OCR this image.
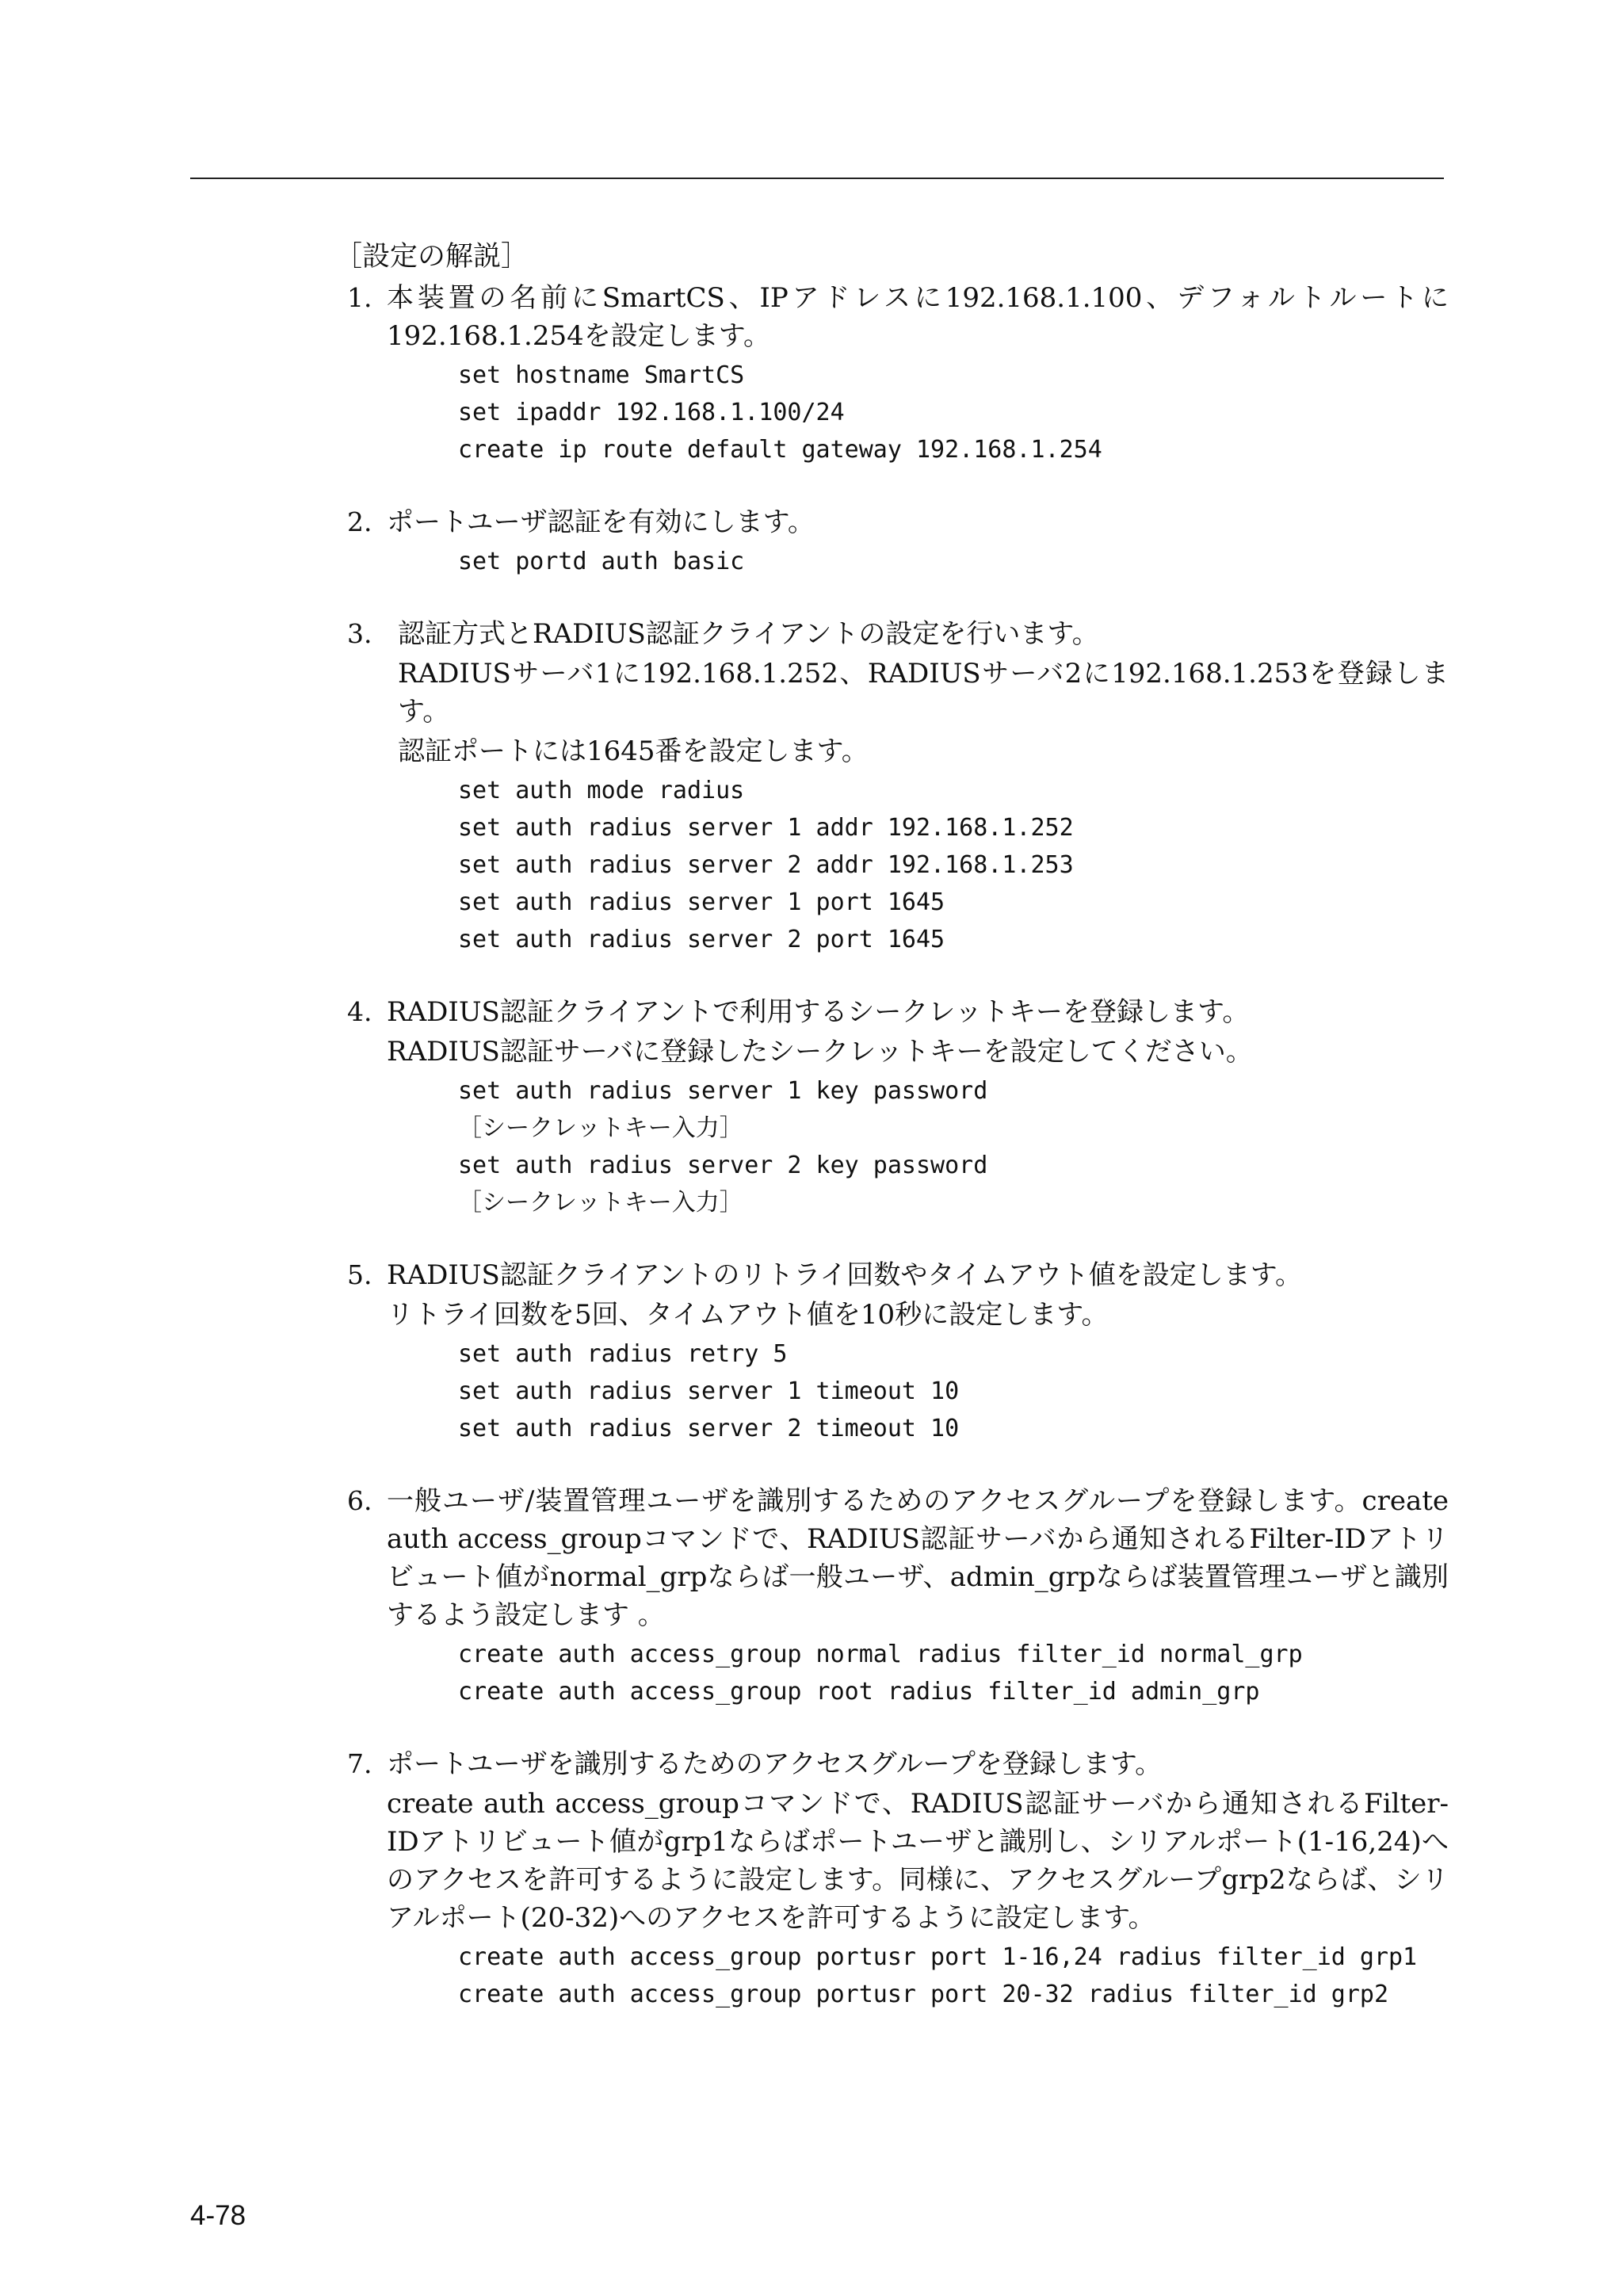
［設定の解説］
1. 本装置の名前にSmartCS、IPアドレスに192.168.1.100、デフォルトルートに192.168.1.254を設定します。
set hostname SmartCS
set ipaddr 192.168.1.100/24
create ip route default gateway 192.168.1.254
2. ポートユーザ認証を有効にします。
set portd auth basic
3. 認証方式とRADIUS認証クライアントの設定を行います。
RADIUSサーバ1に192.168.1.252、RADIUSサーバ2に192.168.1.253を登録します。
認証ポートには1645番を設定します。
set auth mode radius
set auth radius server 1 addr 192.168.1.252
set auth radius server 2 addr 192.168.1.253
set auth radius server 1 port 1645
set auth radius server 2 port 1645
4. RADIUS認証クライアントで利用するシークレットキーを登録します。
RADIUS認証サーバに登録したシークレットキーを設定してください。
set auth radius server 1 key password
［シークレットキー入力］
set auth radius server 2 key password
［シークレットキー入力］
5. RADIUS認証クライアントのリトライ回数やタイムアウト値を設定します。
リトライ回数を5回、タイムアウト値を10秒に設定します。
set auth radius retry 5
set auth radius server 1 timeout 10
set auth radius server 2 timeout 10
6. 一般ユーザ/装置管理ユーザを識別するためのアクセスグループを登録します。create auth access_groupコマンドで、RADIUS認証サーバから通知されるFilter-IDアトリビュート値がnormal_grpならば一般ユーザ、admin_grpならば装置管理ユーザと識別するよう設定します 。
create auth access_group normal radius filter_id normal_grp
create auth access_group root radius filter_id admin_grp
7. ポートユーザを識別するためのアクセスグループを登録します。
create auth access_groupコマンドで、RADIUS認証サーバから通知されるFilter-IDアトリビュート値がgrp1ならばポートユーザと識別し、シリアルポート(1-16,24)へのアクセスを許可するように設定します。同様に、アクセスグループgrp2ならば、シリアルポート(20-32)へのアクセスを許可するように設定します。
create auth access_group portusr port 1-16,24 radius filter_id grp1
create auth access_group portusr port 20-32 radius filter_id grp2
4-78
